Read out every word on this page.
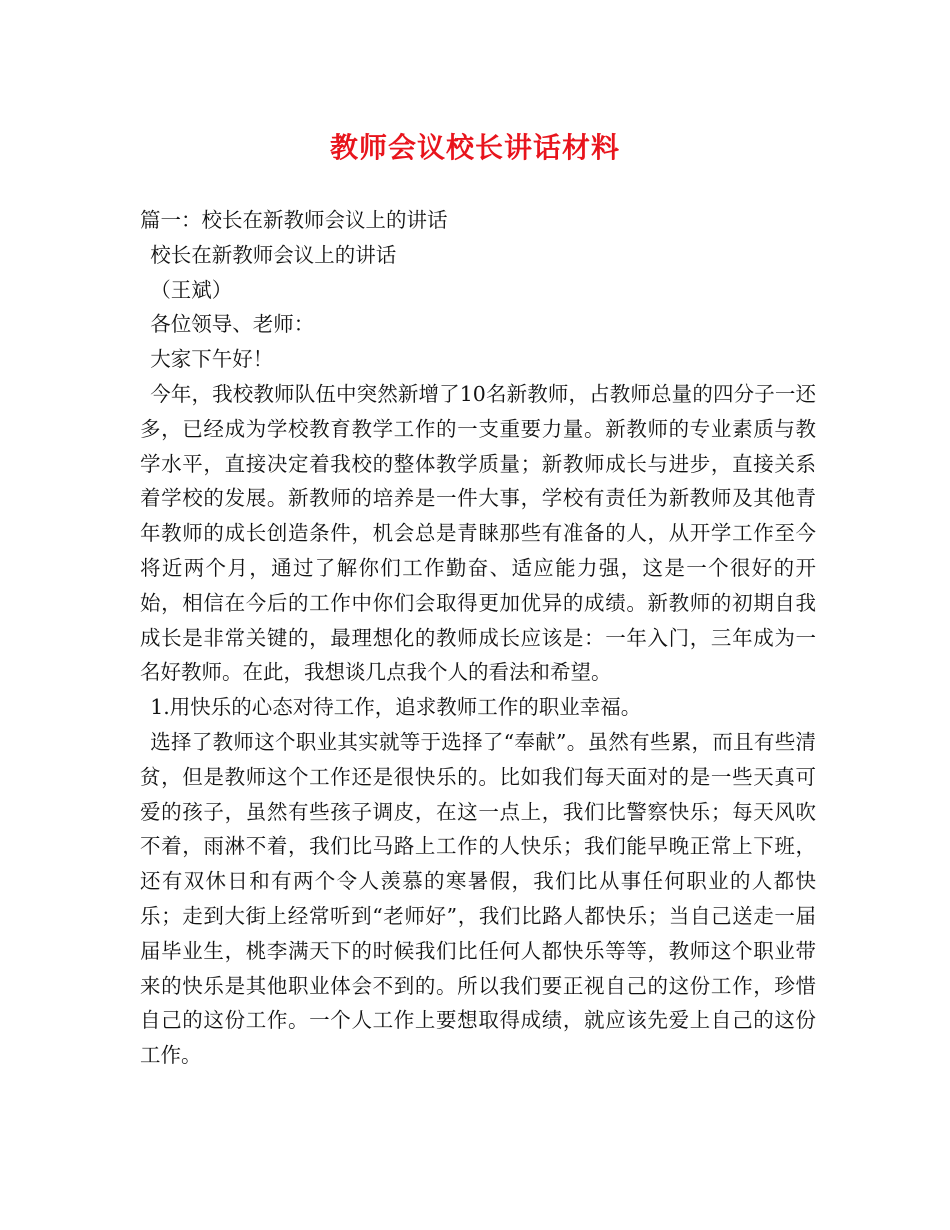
教师会议校长讲话材料
篇一：校长在新教师会议上的讲话
校长在新教师会议上的讲话
（王斌）
各位领导、老师：
大家下午好！
今年，我校教师队伍中突然新增了10名新教师，占教师总量的四分子一还多，已经成为学校教育教学工作的一支重要力量。新教师的专业素质与教学水平，直接决定着我校的整体教学质量；新教师成长与进步，直接关系着学校的发展。新教师的培养是一件大事，学校有责任为新教师及其他青年教师的成长创造条件，机会总是青睐那些有准备的人，从开学工作至今将近两个月，通过了解你们工作勤奋、适应能力强，这是一个很好的开始，相信在今后的工作中你们会取得更加优异的成绩。新教师的初期自我成长是非常关键的，最理想化的教师成长应该是：一年入门，三年成为一名好教师。在此，我想谈几点我个人的看法和希望。
1.用快乐的心态对待工作，追求教师工作的职业幸福。
选择了教师这个职业其实就等于选择了“奉献”。虽然有些累，而且有些清贫，但是教师这个工作还是很快乐的。比如我们每天面对的是一些天真可爱的孩子，虽然有些孩子调皮，在这一点上，我们比警察快乐；每天风吹不着，雨淋不着，我们比马路上工作的人快乐；我们能早晚正常上下班，还有双休日和有两个令人羡慕的寒暑假，我们比从事任何职业的人都快乐；走到大街上经常听到“老师好”，我们比路人都快乐；当自己送走一届届毕业生，桃李满天下的时候我们比任何人都快乐等等，教师这个职业带来的快乐是其他职业体会不到的。所以我们要正视自己的这份工作，珍惜自己的这份工作。一个人工作上要想取得成绩，就应该先爱上自己的这份工作。
